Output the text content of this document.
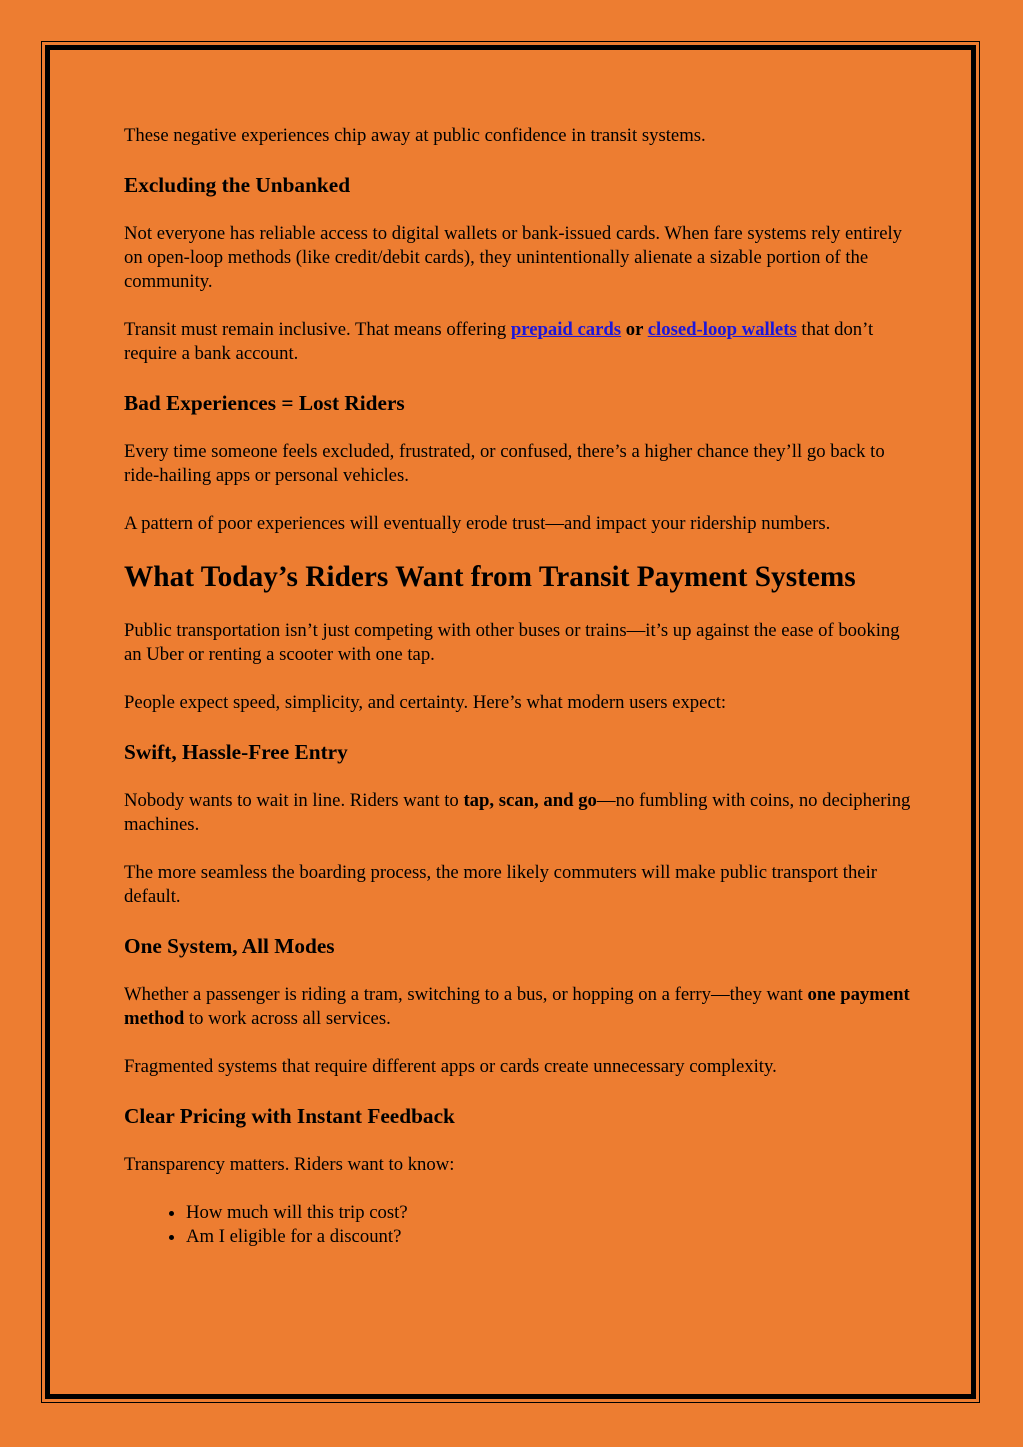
These negative experiences chip away at public confidence in transit systems.

Excluding the Unbanked

Not everyone has reliable access to digital wallets or bank-issued cards. When fare systems rely entirely on open-loop methods (like credit/debit cards), they unintentionally alienate a sizable portion of the community.

Transit must remain inclusive. That means offering prepaid cards or closed-loop wallets that don’t require a bank account.

Bad Experiences = Lost Riders

Every time someone feels excluded, frustrated, or confused, there’s a higher chance they’ll go back to ride-hailing apps or personal vehicles.

A pattern of poor experiences will eventually erode trust—and impact your ridership numbers.

What Today’s Riders Want from Transit Payment Systems

Public transportation isn’t just competing with other buses or trains—it’s up against the ease of booking an Uber or renting a scooter with one tap.

People expect speed, simplicity, and certainty. Here’s what modern users expect:

Swift, Hassle-Free Entry

Nobody wants to wait in line. Riders want to tap, scan, and go—no fumbling with coins, no deciphering machines.

The more seamless the boarding process, the more likely commuters will make public transport their default.

One System, All Modes

Whether a passenger is riding a tram, switching to a bus, or hopping on a ferry—they want one payment method to work across all services.

Fragmented systems that require different apps or cards create unnecessary complexity.

Clear Pricing with Instant Feedback

Transparency matters. Riders want to know:

• How much will this trip cost?
• Am I eligible for a discount?
